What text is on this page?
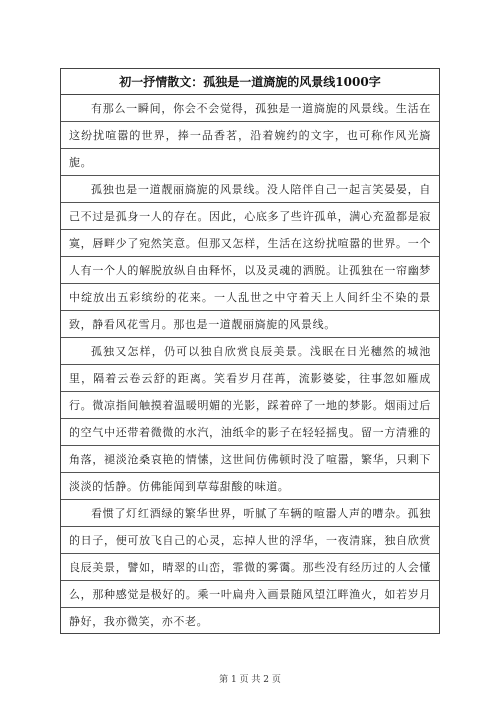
初一抒情散文：孤独是一道旖旎的风景线1000字

有那么一瞬间，你会不会觉得，孤独是一道旖旎的风景线。生活在这纷扰喧嚣的世界，捧一品香茗，沿着婉约的文字，也可称作风光旖旎。

孤独也是一道靓丽旖旎的风景线。没人陪伴自己一起言笑晏晏，自己不过是孤身一人的存在。因此，心底多了些许孤单，满心充盈都是寂寞，唇畔少了宛然笑意。但那又怎样，生活在这纷扰喧嚣的世界。一个人有一个人的解脱放纵自由释怀，以及灵魂的洒脱。让孤独在一帘幽梦中绽放出五彩缤纷的花来。一人乱世之中守着天上人间纤尘不染的景致，静看风花雪月。那也是一道靓丽旖旎的风景线。

孤独又怎样，仍可以独自欣赏良辰美景。浅眠在日光穗然的城池里，隔着云卷云舒的距离。笑看岁月荏苒，流影婆娑，往事忽如雁成行。微凉指间触摸着温暖明媚的光影，踩着碎了一地的梦影。烟雨过后的空气中还带着微微的水汽，油纸伞的影子在轻轻摇曳。留一方清雅的角落，褪淡沧桑哀艳的情愫，这世间仿佛顿时没了喧嚣，繁华，只剩下淡淡的恬静。仿佛能闻到草莓甜酸的味道。

看惯了灯红酒绿的繁华世界，听腻了车辆的喧嚣人声的嘈杂。孤独的日子，便可放飞自己的心灵，忘掉人世的浮华，一夜清寐，独自欣赏良辰美景，譬如，晴翠的山峦，霏微的雾霭。那些没有经历过的人会懂么，那种感觉是极好的。乘一叶扁舟入画景随风望江畔渔火，如若岁月静好，我亦微笑，亦不老。

第 1 页 共 2 页
